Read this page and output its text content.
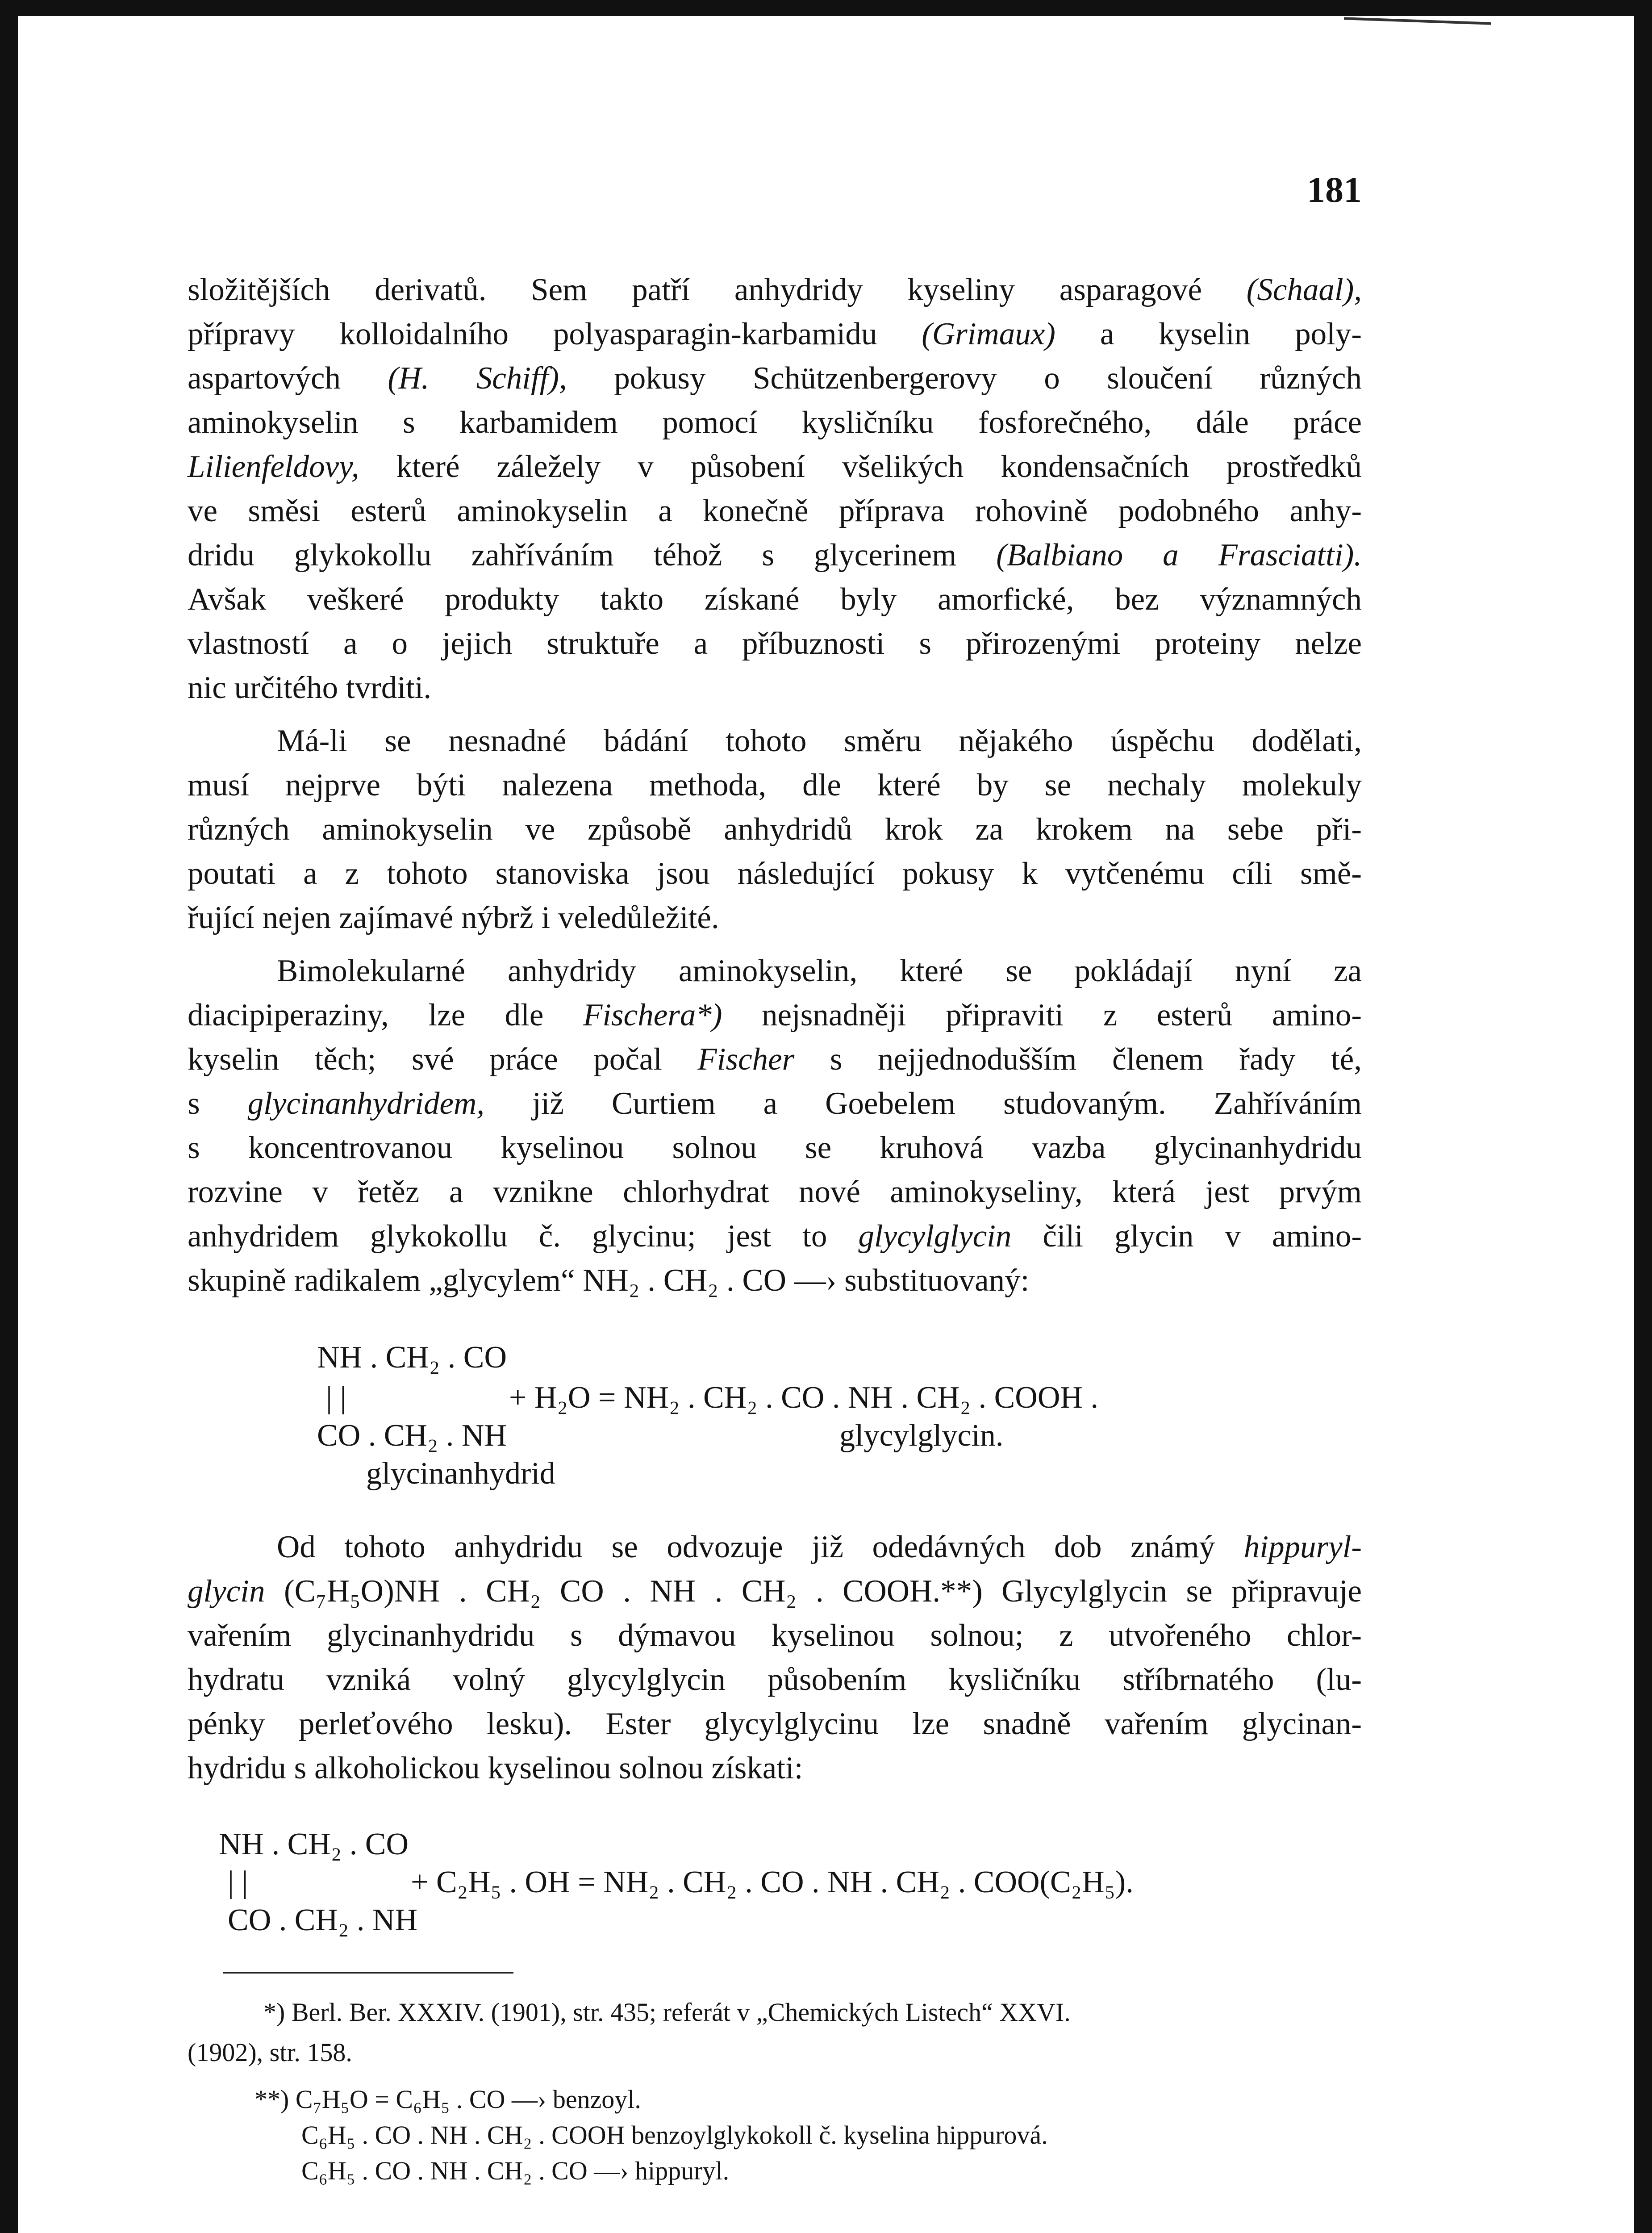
181
složitějších derivatů. Sem patří anhydridy kyseliny asparagové (Schaal),
přípravy kolloidalního polyasparagin-karbamidu (Grimaux) a kyselin poly-
aspartových (H. Schiff), pokusy Schützenbergerovy o sloučení různých
aminokyselin s karbamidem pomocí kysličníku fosforečného, dále práce
Lilienfeldovy, které záležely v působení všelikých kondensačních prostředků
ve směsi esterů aminokyselin a konečně příprava rohovině podobného anhy-
dridu glykokollu zahříváním téhož s glycerinem (Balbiano a Frasciatti).
Avšak veškeré produkty takto získané byly amorfické, bez významných
vlastností a o jejich struktuře a příbuznosti s přirozenými proteiny nelze
nic určitého tvrditi.
Má-li se nesnadné bádání tohoto směru nějakého úspěchu dodělati,
musí nejprve býti nalezena methoda, dle které by se nechaly molekuly
různých aminokyselin ve způsobě anhydridů krok za krokem na sebe při-
poutati a z tohoto stanoviska jsou následující pokusy k vytčenému cíli smě-
řující nejen zajímavé nýbrž i veledůležité.
Bimolekularné anhydridy aminokyselin, které se pokládají nyní za
diacipiperaziny, lze dle Fischera*) nejsnadněji připraviti z esterů amino-
kyselin těch; své práce počal Fischer s nejjednodušším členem řady té,
s glycinanhydridem, již Curtiem a Goebelem studovaným. Zahříváním
s koncentrovanou kyselinou solnou se kruhová vazba glycinanhydridu
rozvine v řetěz a vznikne chlorhydrat nové aminokyseliny, která jest prvým
anhydridem glykokollu č. glycinu; jest to glycylglycin čili glycin v amino-
skupině radikalem „glycylem“ NH₂ . CH₂ . CO —› substituovaný:
NH . CH₂ . CO
| |	+ H₂O = NH₂ . CH₂ . CO . NH . CH₂ . COOH .
CO . CH₂ . NH	glycylglycin.
glycinanhydrid
Od tohoto anhydridu se odvozuje již odedávných dob známý hippuryl-
glycin (C₇H₅O)NH . CH₂ CO . NH . CH₂ . COOH.**) Glycylglycin se připravuje
vařením glycinanhydridu s dýmavou kyselinou solnou; z utvořeného chlor-
hydratu vzniká volný glycylglycin působením kysličníku stříbrnatého (lu-
pénky perleťového lesku). Ester glycylglycinu lze snadně vařením glycinan-
hydridu s alkoholickou kyselinou solnou získati:
NH . CH₂ . CO
| |	+ C₂H₅ . OH = NH₂ . CH₂ . CO . NH . CH₂ . COO(C₂H₅).
CO . CH₂ . NH
*) Berl. Ber. XXXIV. (1901), str. 435; referát v „Chemických Listech“ XXVI.
(1902), str. 158.
**) C₇H₅O = C₆H₅ . CO —› benzoyl.
C₆H₅ . CO . NH . CH₂ . COOH benzoylglykokoll č. kyselina hippurová.
C₆H₅ . CO . NH . CH₂ . CO —› hippuryl.
